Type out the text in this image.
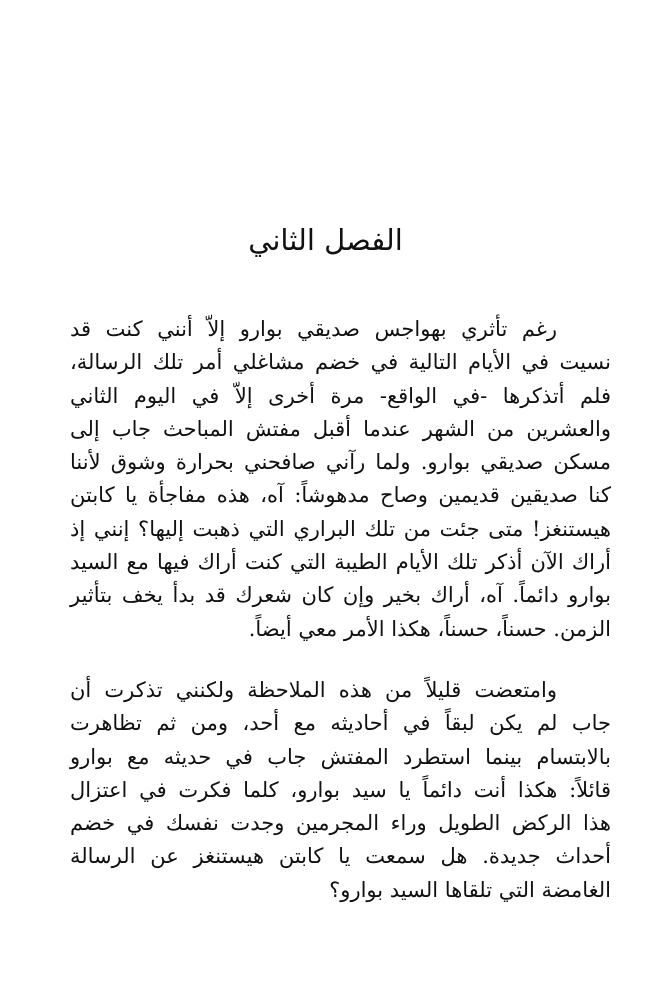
الفصل الثاني

رغم تأثري بهواجس صديقي بوارو إلاّ أنني كنت قد
نسيت في الأيام التالية في خضم مشاغلي أمر تلك الرسالة،
فلم أتذكرها -في الواقع- مرة أخرى إلاّ في اليوم الثاني
والعشرين من الشهر عندما أقبل مفتش المباحث جاب إلى
مسكن صديقي بوارو. ولما رآني صافحني بحرارة وشوق لأننا
كنا صديقين قديمين وصاح مدهوشاً: آه، هذه مفاجأة يا كابتن
هيستنغز! متى جئت من تلك البراري التي ذهبت إليها؟ إنني إذ
أراك الآن أذكر تلك الأيام الطيبة التي كنت أراك فيها مع السيد
بوارو دائماً. آه، أراك بخير وإن كان شعرك قد بدأ يخف بتأثير
الزمن. حسناً، حسناً، هكذا الأمر معي أيضاً.

وامتعضت قليلاً من هذه الملاحظة ولكنني تذكرت أن
جاب لم يكن لبقاً في أحاديثه مع أحد، ومن ثم تظاهرت
بالابتسام بينما استطرد المفتش جاب في حديثه مع بوارو
قائلاً: هكذا أنت دائماً يا سيد بوارو، كلما فكرت في اعتزال
هذا الركض الطويل وراء المجرمين وجدت نفسك في خضم
أحداث جديدة. هل سمعت يا كابتن هيستنغز عن الرسالة
الغامضة التي تلقاها السيد بوارو؟
